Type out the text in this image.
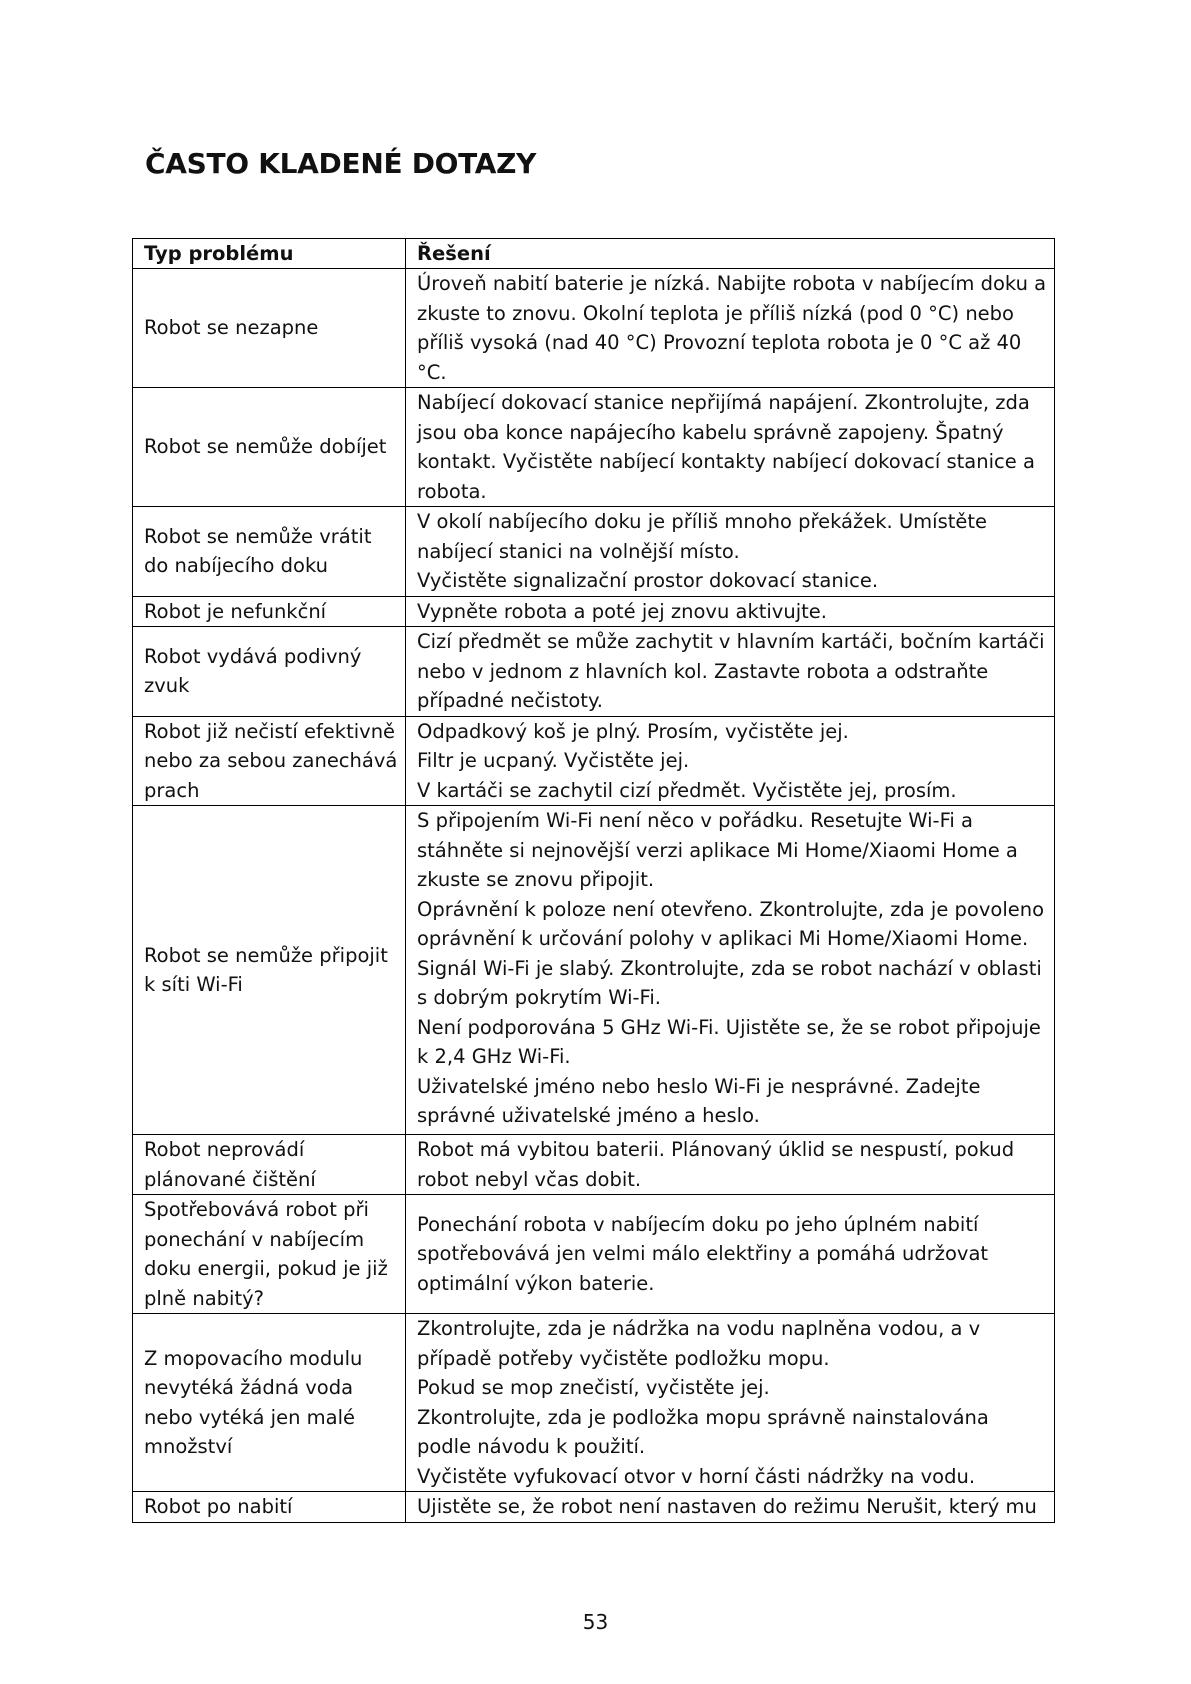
ČASTO KLADENÉ DOTAZY
Typ problému	Řešení
Robot se nezapne	Úroveň nabití baterie je nízká. Nabijte robota v nabíjecím doku a zkuste to znovu. Okolní teplota je příliš nízká (pod 0 °C) nebo příliš vysoká (nad 40 °C) Provozní teplota robota je 0 °C až 40 °C.
Robot se nemůže dobíjet	Nabíjecí dokovací stanice nepřijímá napájení. Zkontrolujte, zda jsou oba konce napájecího kabelu správně zapojeny. Špatný kontakt. Vyčistěte nabíjecí kontakty nabíjecí dokovací stanice a robota.
Robot se nemůže vrátit do nabíjecího doku	V okolí nabíjecího doku je příliš mnoho překážek. Umístěte nabíjecí stanici na volnější místo.
Vyčistěte signalizační prostor dokovací stanice.
Robot je nefunkční	Vypněte robota a poté jej znovu aktivujte.
Robot vydává podivný zvuk	Cizí předmět se může zachytit v hlavním kartáči, bočním kartáči nebo v jednom z hlavních kol. Zastavte robota a odstraňte případné nečistoty.
Robot již nečistí efektivně nebo za sebou zanechává prach	Odpadkový koš je plný. Prosím, vyčistěte jej.
Filtr je ucpaný. Vyčistěte jej.
V kartáči se zachytil cizí předmět. Vyčistěte jej, prosím.
Robot se nemůže připojit k síti Wi-Fi	S připojením Wi-Fi není něco v pořádku. Resetujte Wi-Fi a stáhněte si nejnovější verzi aplikace Mi Home/Xiaomi Home a zkuste se znovu připojit.
Oprávnění k poloze není otevřeno. Zkontrolujte, zda je povoleno oprávnění k určování polohy v aplikaci Mi Home/Xiaomi Home.
Signál Wi-Fi je slabý. Zkontrolujte, zda se robot nachází v oblasti s dobrým pokrytím Wi-Fi.
Není podporována 5 GHz Wi-Fi. Ujistěte se, že se robot připojuje k 2,4 GHz Wi-Fi.
Uživatelské jméno nebo heslo Wi-Fi je nesprávné. Zadejte správné uživatelské jméno a heslo.
Robot neprovádí plánované čištění	Robot má vybitou baterii. Plánovaný úklid se nespustí, pokud robot nebyl včas dobit.
Spotřebovává robot při ponechání v nabíjecím doku energii, pokud je již plně nabitý?	Ponechání robota v nabíjecím doku po jeho úplném nabití spotřebovává jen velmi málo elektřiny a pomáhá udržovat optimální výkon baterie.
Z mopovacího modulu nevytéká žádná voda nebo vytéká jen malé množství	Zkontrolujte, zda je nádržka na vodu naplněna vodou, a v případě potřeby vyčistěte podložku mopu.
Pokud se mop znečistí, vyčistěte jej.
Zkontrolujte, zda je podložka mopu správně nainstalována podle návodu k použití.
Vyčistěte vyfukovací otvor v horní části nádržky na vodu.
Robot po nabití	Ujistěte se, že robot není nastaven do režimu Nerušit, který mu
53
